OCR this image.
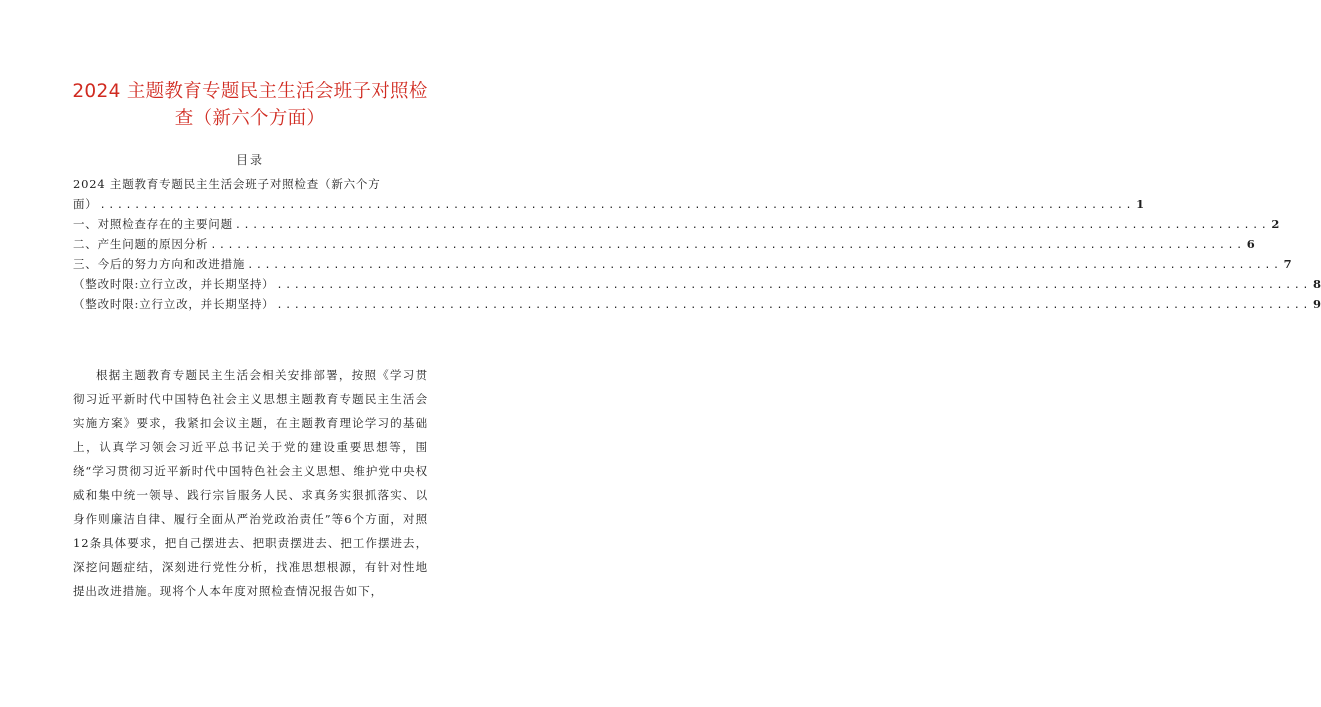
2024 主题教育专题民主生活会班子对照检
查（新六个方面）
目录
2024 主题教育专题民主生活会班子对照检查（新六个方
面） ........................................................................................................................ 1
一、对照检查存在的主要问题 ........................................................................................................................ 2
二、产生问题的原因分析 ........................................................................................................................ 6
三、今后的努力方向和改进措施 ........................................................................................................................ 7
（整改时限:立行立改，并长期坚持） ........................................................................................................................ 8
（整改时限:立行立改，并长期坚持） ........................................................................................................................ 9
根据主题教育专题民主生活会相关安排部署，按照《学习贯彻习近平新时代中国特色社会主义思想主题教育专题民主生活会实施方案》要求，我紧扣会议主题，在主题教育理论学习的基础上，认真学习领会习近平总书记关于党的建设重要思想等，围绕“学习贯彻习近平新时代中国特色社会主义思想、维护党中央权威和集中统一领导、践行宗旨服务人民、求真务实狠抓落实、以身作则廉洁自律、履行全面从严治党政治责任”等6个方面，对照12条具体要求，把自己摆进去、把职责摆进去、把工作摆进去，深挖问题症结，深刻进行党性分析，找准思想根源，有针对性地提出改进措施。现将个人本年度对照检查情况报告如下，
